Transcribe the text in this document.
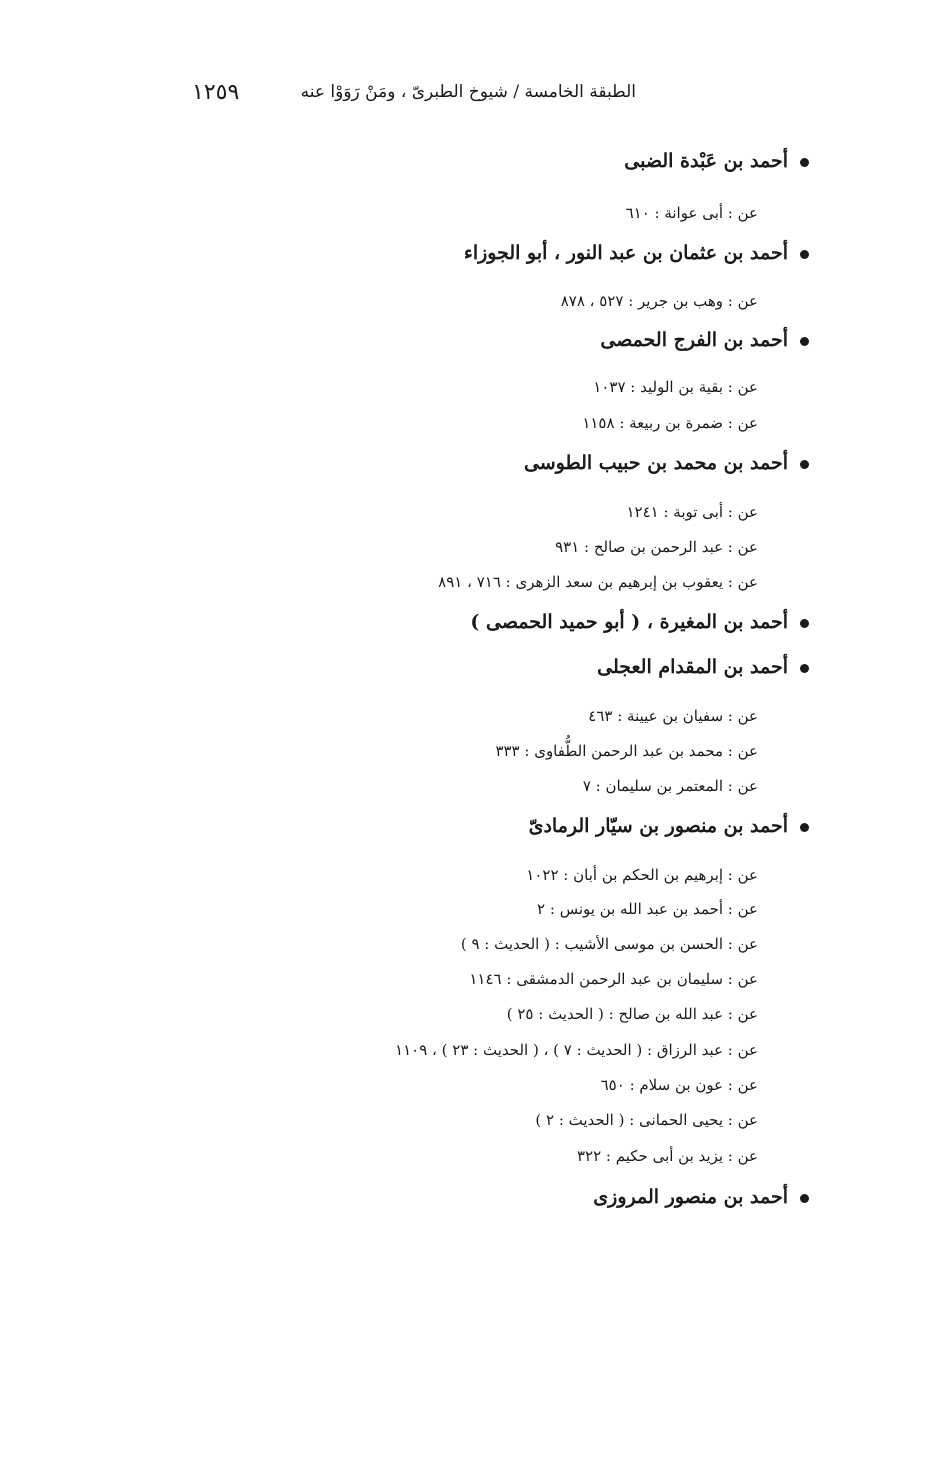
١٢٥٩	الطبقة الخامسة / شيوخ الطبرىّ ، ومَنْ رَوَوْا عنه
أحمد بن عَبْدة الضبى
عن : أبى عوانة : ٦١٠
أحمد بن عثمان بن عبد النور ، أبو الجوزاء
عن : وهب بن جرير : ٥٢٧ ، ٨٧٨
أحمد بن الفرج الحمصى
عن : بقية بن الوليد : ١٠٣٧
عن : ضمرة بن ربيعة : ١١٥٨
أحمد بن محمد بن حبيب الطوسى
عن : أبى توبة : ١٢٤١
عن : عبد الرحمن بن صالح : ٩٣١
عن : يعقوب بن إبرهيم بن سعد الزهرى : ٧١٦ ، ٨٩١
أحمد بن المغيرة ، ( أبو حميد الحمصى )
أحمد بن المقدام العجلى
عن : سفيان بن عيينة : ٤٦٣
عن : محمد بن عبد الرحمن الطُّفاوى : ٣٣٣
عن : المعتمر بن سليمان : ٧
أحمد بن منصور بن سيّار الرمادىّ
عن : إبرهيم بن الحكم بن أبان : ١٠٢٢
عن : أحمد بن عبد الله بن يونس : ٢
عن : الحسن بن موسى الأشيب : ( الحديث : ٩ )
عن : سليمان بن عبد الرحمن الدمشقى : ١١٤٦
عن : عبد الله بن صالح : ( الحديث : ٢٥ )
عن : عبد الرزاق : ( الحديث : ٧ ) ، ( الحديث : ٢٣ ) ، ١١٠٩
عن : عون بن سلام : ٦٥٠
عن : يحيى الحمانى : ( الحديث : ٢ )
عن : يزيد بن أبى حكيم : ٣٢٢
أحمد بن منصور المروزى
